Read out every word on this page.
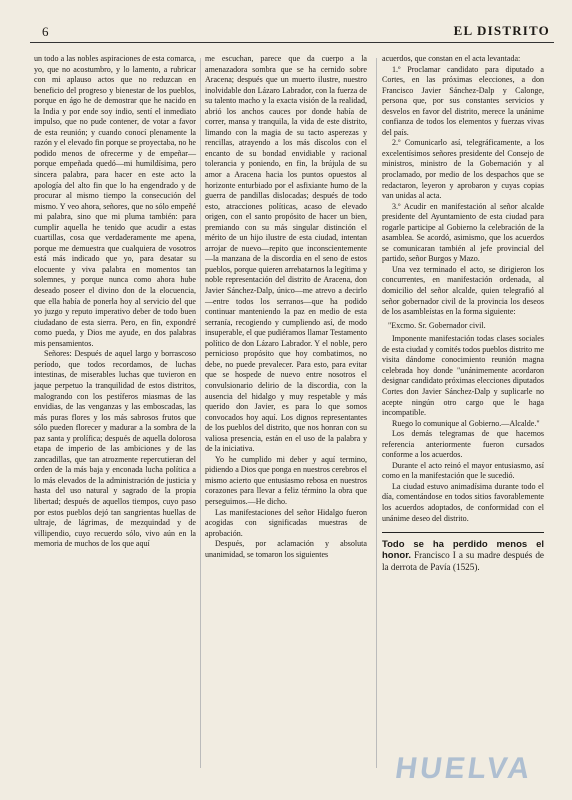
6	EL DISTRITO

un todo a las nobles aspiraciones de esta comarca, yo, que no acostumbro, y lo lamento, a rubricar con mi aplauso actos que no reduzcan en beneficio del progreso y bienestar de los pueblos, porque en ágo he de demostrar que he nacido en la India y por ende soy indio, sentí el inmediato impulso, que no pude contener, de votar a favor de esta reunión; y cuando conocí plenamente la razón y el elevado fin porque se proyectaba, no he podido menos de ofrecerme y de empeñar—porque empeñada quedó—mi humildísima, pero sincera palabra, para hacer en este acto la apología del alto fin que lo ha engendrado y de procurar al mismo tiempo la consecución del mismo. Y veo ahora, señores, que no sólo empeñé mi palabra, sino que mi pluma también: para cumplir aquella he tenido que acudir a estas cuartillas, cosa que verdaderamente me apena, porque me demuestra que cualquiera de vosotros está más indicado que yo, para desatar su elocuente y viva palabra en momentos tan solemnes, y porque nunca como ahora hube deseado poseer el divino don de la elocuencia, que ella había de ponerla hoy al servicio del que yo juzgo y reputo imperativo deber de todo buen ciudadano de esta sierra. Pero, en fin, expondré como pueda, y Dios me ayude, en dos palabras mis pensamientos.

Señores: Después de aquel largo y borrascoso período, que todos recordamos, de luchas intestinas, de miserables luchas que tuvieron en jaque perpetuo la tranquilidad de estos distritos, malogrando con los pestíferos miasmas de las envidias, de las venganzas y las emboscadas, las más puras flores y los más sabrosos frutos que sólo pueden florecer y madurar a la sombra de la paz santa y prolífica; después de aquella dolorosa etapa de imperio de las ambiciones y de las zancadillas, que tan atrozmente repercutieran del orden de la más baja y enconada lucha política a lo más elevados de la administración de justicia y hasta del uso natural y sagrado de la propia libertad; después de aquellos tiempos, cuyo paso por estos pueblos dejó tan sangrientas huellas de ultraje, de lágrimas, de mezquindad y de villipendio, cuyo recuerdo sólo, vivo aún en la memoria de muchos de los que aquí

me escuchan, parece que da cuerpo a la amenazadora sombra que se ha cernido sobre Aracena; después que un muerto ilustre, nuestro inolvidable don Lázaro Labrador, con la fuerza de su talento macho y la exacta visión de la realidad, abrió los anchos cauces por donde había de correr, mansa y tranquila, la vida de este distrito, limando con la magia de su tacto asperezas y rencillas, atrayendo a los más díscolos con el encanto de su bondad envidiable y racional tolerancia y poniendo, en fin, la brújula de su amor a Aracena hacia los puntos opuestos al horizonte enturbiado por el asfixiante humo de la guerra de pandillas dislocadas; después de todo esto, atracciones políticas, acaso de elevado origen, con el santo propósito de hacer un bien, premiando con su más singular distinción el mérito de un hijo ilustre de esta ciudad, intentan arrojar de nuevo—repito que inconscientemente—la manzana de la discordia en el seno de estos pueblos, porque quieren arrebatarnos la legítima y noble representación del distrito de Aracena, don Javier Sánchez-Dalp, único—me atrevo a decirlo—entre todos los serranos—que ha podido continuar manteniendo la paz en medio de esta serranía, recogiendo y cumpliendo así, de modo insuperable, el que pudiéramos llamar Testamento político de don Lázaro Labrador. Y el noble, pero pernicioso propósito que hoy combatimos, no debe, no puede prevalecer. Para esto, para evitar que se hospede de nuevo entre nosotros el convulsionario delirio de la discordia, con la ausencia del hidalgo y muy respetable y más querido don Javier, es para lo que somos convocados hoy aquí. Los dignos representantes de los pueblos del distrito, que nos honran con su valiosa presencia, están en el uso de la palabra y de la iniciativa.

Yo he cumplido mi deber y aquí termino, pidiendo a Dios que ponga en nuestros cerebros el mismo acierto que entusiasmo rebosa en nuestros corazones para llevar a feliz término la obra que perseguimos.—He dicho.

Las manifestaciones del señor Hidalgo fueron acogidas con significadas muestras de aprobación.

Después, por aclamación y absoluta unanimidad, se tomaron los siguientes

acuerdos, que constan en el acta levantada:

1.º Proclamar candidato para diputado a Cortes, en las próximas elecciones, a don Francisco Javier Sánchez-Dalp y Calonge, persona que, por sus constantes servicios y desvelos en favor del distrito, merece la unánime confianza de todos los elementos y fuerzas vivas del país.

2.º Comunicarlo así, telegráficamente, a los excelentísimos señores presidente del Consejo de ministros, ministro de la Gobernación y al proclamado, por medio de los despachos que se redactaron, leyeron y aprobaron y cuyas copias van unidas al acta.

3.º Acudir en manifestación al señor alcalde presidente del Ayuntamiento de esta ciudad para rogarle participe al Gobierno la celebración de la asamblea. Se acordó, asimismo, que los acuerdos se comunicaran también al jefe provincial del partido, señor Burgos y Mazo.

Una vez terminado el acto, se dirigieron los concurrentes, en manifestación ordenada, al domicilio del señor alcalde, quien telegrafió al señor gobernador civil de la provincia los deseos de los asambleístas en la forma siguiente:

"Excmo. Sr. Gobernador civil.

Imponente manifestación todas clases sociales de esta ciudad y comités todos pueblos distrito me visita dándome conocimiento reunión magna celebrada hoy donde "unánimemente acordaron designar candidato próximas elecciones diputados Cortes don Javier Sánchez-Dalp y suplicarle no acepte ningún otro cargo que le haga incompatible.

Ruego lo comunique al Gobierno.—Alcalde."

Los demás telegramas de que hacemos referencia anteriormente fueron cursados conforme a los acuerdos.

Durante el acto reinó el mayor entusiasmo, así como en la manifestación que le sucedió.

La ciudad estuvo animadísima durante todo el día, comentándose en todos sitios favorablemente los acuerdos adoptados, de conformidad con el unánime deseo del distrito.

Todo se ha perdido menos el honor. Francisco I a su madre después de la derrota de Pavía (1525).
HUELVA
